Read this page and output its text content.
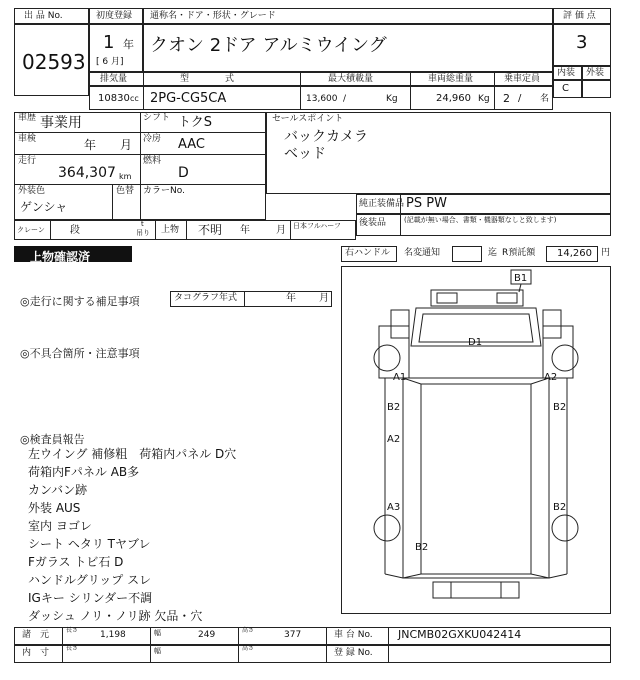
出 品 No.
02593
初度登録
1 年
[ 6 月]
通称名・ドア・形状・グレード
クオン 2ドア アルミウイング
評 価 点
3
内装 外装
C
排気量	型　　　　式	最大積載量	車両総重量	乗車定員
10830 cc 2PG-CG5CA	13,600 /	Kg	24,960 Kg 2 / 名
車歴 事業用	シフト トクS
車検	年 月 冷房 AAC
走行
364,307 km
燃料
D
外装色
ゲンシャ
色替 カラーNo.
セールスポイント
バックカメラ
ベッド
純正装備品 PS PW
後装品	(記載が無い場合、書類・機器類なしと致します)
クレーン	段
t
吊り 上物 不明 年	月 日本フルハーフ
上物確認済	右ハンドル 名変通知	迄 R預託額 14,260 円
◎走行に関する補足事項	タコグラフ年式	年 月
◎不具合箇所・注意事項
◎検査員報告
左ウイング 補修粗　荷箱内パネル D穴
荷箱内Fパネル AB多
カンバン跡
外装 AUS
室内 ヨゴレ
シート ヘタリ Tヤブレ
Fガラス トビ石 D
ハンドルグリップ スレ
IGキー シリンダー不調
ダッシュ ノリ・ノリ跡 欠品・穴
B1
D1
A1	A2
B2	B2
A2
A3	B2
B2
諸　元	長さ 1,198	幅	249	高さ	377	車 台 No. JNCMB02GXKU042414
内　寸	長さ	幅	高さ	登 録 No.
